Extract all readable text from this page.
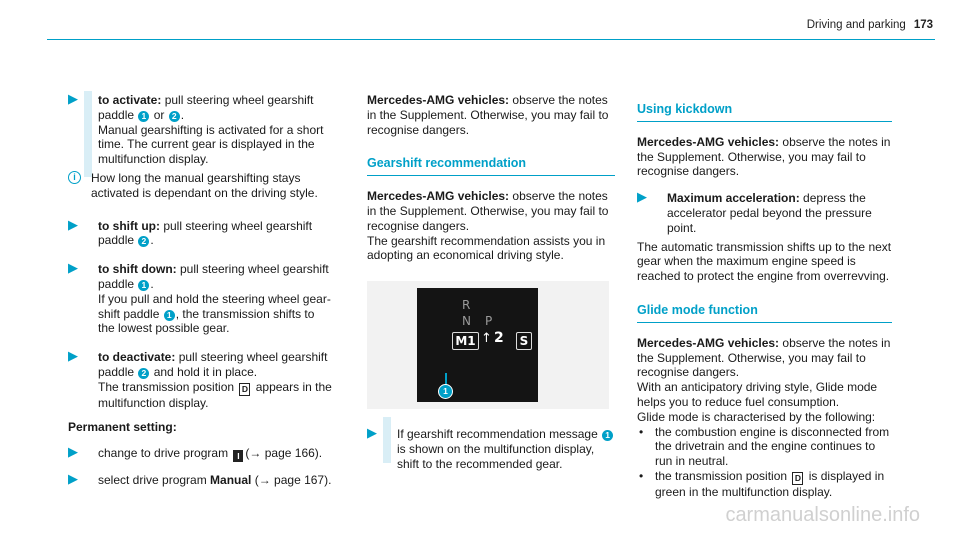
Driving and parking 173
▶ to activate: pull steering wheel gearshift paddle 1 or 2 .

Manual gearshifting is activated for a short time. The current gear is displayed in the multifunction display.

i	How long the manual gearshifting stays activated is dependant on the driving style.

▶ to shift up: pull steering wheel gearshift paddle 2 .

▶ to shift down: pull steering wheel gearshift paddle 1 .

If you pull and hold the steering wheel gear-shift paddle 1 , the transmission shifts to the lowest possible gear.

▶ to deactivate: pull steering wheel gearshift paddle 2 and hold it in place.

The transmission position D appears in the multifunction display.

Permanent setting:

▶ change to drive program I (→ page 166).

▶ select drive program Manual (→ page 167).

Mercedes-AMG vehicles: observe the notes in the Supplement. Otherwise, you may fail to recognise dangers.

Gearshift recommendation

Mercedes-AMG vehicles: observe the notes in the Supplement. Otherwise, you may fail to recognise dangers.

The gearshift recommendation assists you in adopting an economical driving style.

R
N P
M1 ↑ 2	S
1
▶ If gearshift recommendation message 1 is shown on the multifunction display, shift to the recommended gear.

Using kickdown

Mercedes-AMG vehicles: observe the notes in the Supplement. Otherwise, you may fail to recognise dangers.

▶ Maximum acceleration: depress the accelerator pedal beyond the pressure point.

The automatic transmission shifts up to the next gear when the maximum engine speed is reached to protect the engine from overrevving.

Glide mode function

Mercedes-AMG vehicles: observe the notes in the Supplement. Otherwise, you may fail to recognise dangers.

With an anticipatory driving style, Glide mode helps you to reduce fuel consumption.

Glide mode is characterised by the following:

• the combustion engine is disconnected from the drivetrain and the engine continues to run in neutral.

• the transmission position D is displayed in green in the multifunction display.

carmanualsonline.info
